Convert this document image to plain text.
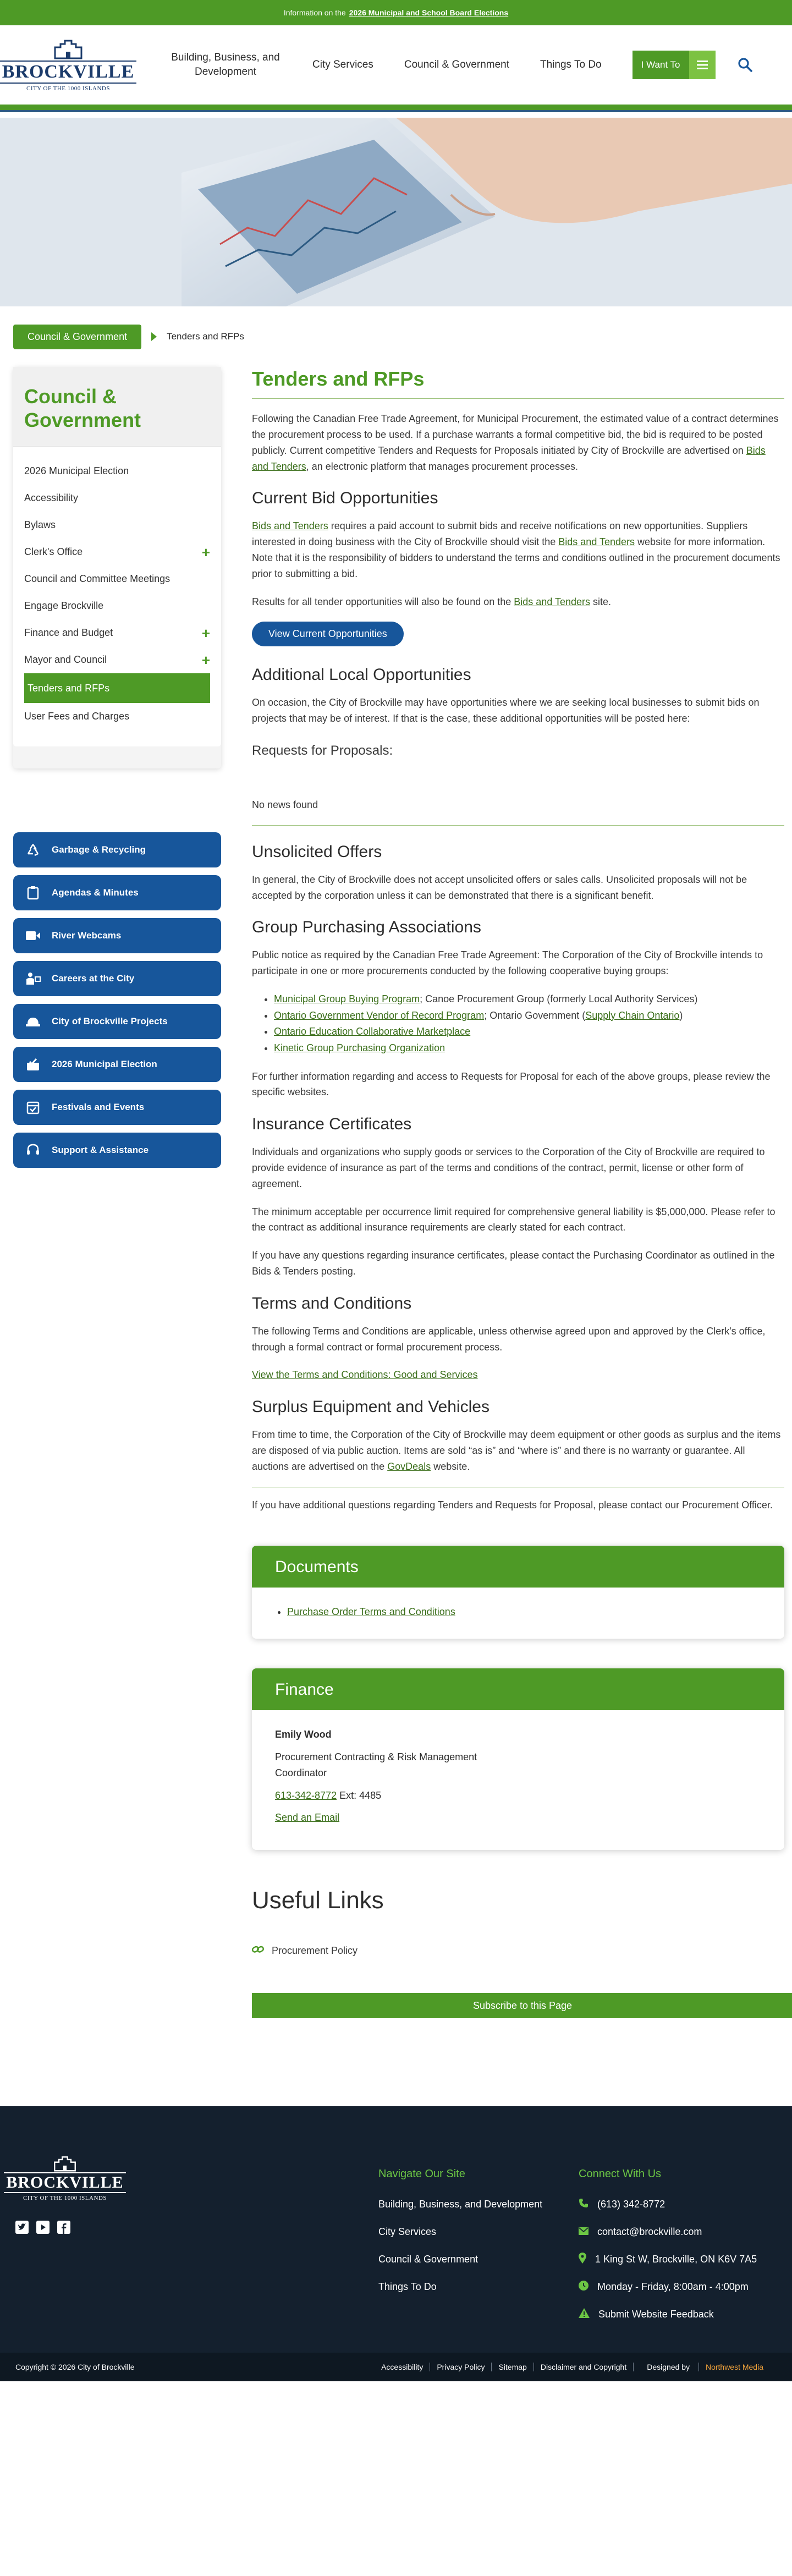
Information on the 2026 Municipal and School Board Elections
BROCKVILLE
CITY OF THE 1000 ISLANDS
Building, Business, and Development
City Services	Council & Government	Things To Do	I Want To
Council & Government	Tenders and RFPs
Council & Government
2026 Municipal Election
Accessibility
Bylaws
Clerk's Office	+
Council and Committee Meetings
Engage Brockville
Finance and Budget	+
Mayor and Council	+
Tenders and RFPs
User Fees and Charges
Garbage & Recycling
Agendas & Minutes
River Webcams
Careers at the City
City of Brockville Projects
2026 Municipal Election
Festivals and Events
Support & Assistance
Tenders and RFPs

Following the Canadian Free Trade Agreement, for Municipal Procurement, the estimated value of a contract determines the procurement process to be used. If a purchase warrants a formal competitive bid, the bid is required to be posted publicly. Current competitive Tenders and Requests for Proposals initiated by City of Brockville are advertised on Bids and Tenders, an electronic platform that manages procurement processes.

Current Bid Opportunities

Bids and Tenders requires a paid account to submit bids and receive notifications on new opportunities. Suppliers interested in doing business with the City of Brockville should visit the Bids and Tenders website for more information. Note that it is the responsibility of bidders to understand the terms and conditions outlined in the procurement documents prior to submitting a bid.

Results for all tender opportunities will also be found on the Bids and Tenders site.

View Current Opportunities
Additional Local Opportunities

On occasion, the City of Brockville may have opportunities where we are seeking local businesses to submit bids on projects that may be of interest. If that is the case, these additional opportunities will be posted here:

Requests for Proposals:

No news found

Unsolicited Offers

In general, the City of Brockville does not accept unsolicited offers or sales calls. Unsolicited proposals will not be accepted by the corporation unless it can be demonstrated that there is a significant benefit.

Group Purchasing Associations

Public notice as required by the Canadian Free Trade Agreement: The Corporation of the City of Brockville intends to participate in one or more procurements conducted by the following cooperative buying groups:

• Municipal Group Buying Program; Canoe Procurement Group (formerly Local Authority Services)
• Ontario Government Vendor of Record Program; Ontario Government (Supply Chain Ontario)
• Ontario Education Collaborative Marketplace
• Kinetic Group Purchasing Organization

For further information regarding and access to Requests for Proposal for each of the above groups, please review the specific websites.

Insurance Certificates

Individuals and organizations who supply goods or services to the Corporation of the City of Brockville are required to provide evidence of insurance as part of the terms and conditions of the contract, permit, license or other form of agreement.

The minimum acceptable per occurrence limit required for comprehensive general liability is $5,000,000. Please refer to the contract as additional insurance requirements are clearly stated for each contract.

If you have any questions regarding insurance certificates, please contact the Purchasing Coordinator as outlined in the Bids & Tenders posting.

Terms and Conditions

The following Terms and Conditions are applicable, unless otherwise agreed upon and approved by the Clerk's office, through a formal contract or formal procurement process.

View the Terms and Conditions: Good and Services

Surplus Equipment and Vehicles

From time to time, the Corporation of the City of Brockville may deem equipment or other goods as surplus and the items are disposed of via public auction. Items are sold “as is” and “where is” and there is no warranty or guarantee. All auctions are advertised on the GovDeals website.

If you have additional questions regarding Tenders and Requests for Proposal, please contact our Procurement Officer.

Documents
• Purchase Order Terms and Conditions
Finance
Emily Wood
Procurement Contracting & Risk Management Coordinator
613-342-8772 Ext: 4485
Send an Email
Useful Links
Procurement Policy
Subscribe to this Page
BROCKVILLE
CITY OF THE 1000 ISLANDS
Navigate Our Site
Building, Business, and Development
City Services
Council & Government
Things To Do
Connect With Us
(613) 342-8772
contact@brockville.com
1 King St W, Brockville, ON K6V 7A5
Monday - Friday, 8:00am - 4:00pm
Submit Website Feedback
Copyright © 2026 City of Brockville	Accessibility	Privacy Policy	Sitemap	Disclaimer and Copyright	Designed by Northwest Media
